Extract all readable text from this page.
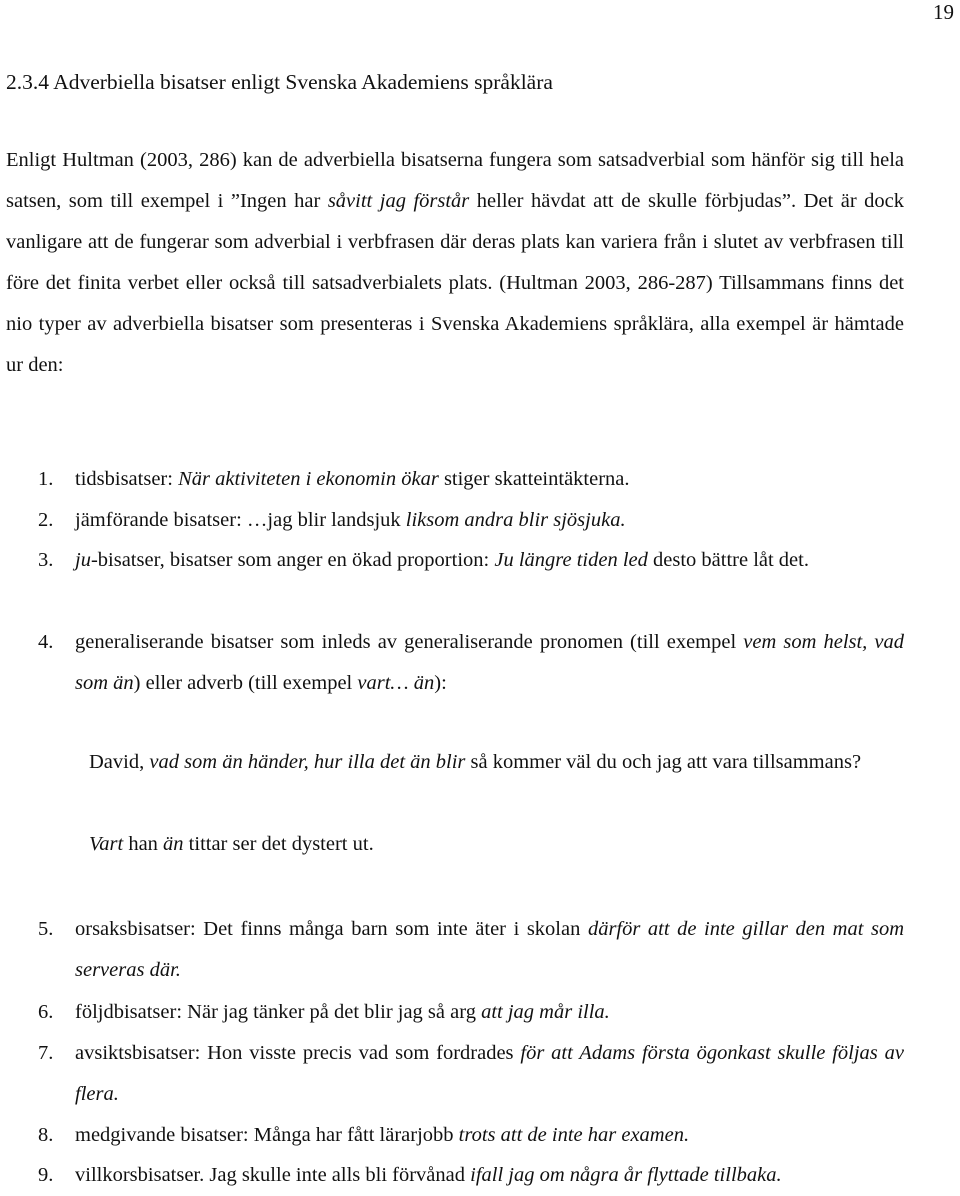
19
2.3.4 Adverbiella bisatser enligt Svenska Akademiens språklära

Enligt Hultman (2003, 286) kan de adverbiella bisatserna fungera som satsadverbial som hänför sig till hela satsen, som till exempel i ”Ingen har såvitt jag förstår heller hävdat att de skulle förbjudas”. Det är dock vanligare att de fungerar som adverbial i verbfrasen där deras plats kan variera från i slutet av verbfrasen till före det finita verbet eller också till satsadverbialets plats. (Hultman 2003, 286-287) Tillsammans finns det nio typer av adverbiella bisatser som presenteras i Svenska Akademiens språklära, alla exempel är hämtade ur den:

1.	tidsbisatser: När aktiviteten i ekonomin ökar stiger skatteintäkterna.

2.	jämförande bisatser: …jag blir landsjuk liksom andra blir sjösjuka.

3.	ju-bisatser, bisatser som anger en ökad proportion: Ju längre tiden led desto bättre låt det.

4.	generaliserande bisatser som inleds av generaliserande pronomen (till exempel vem som helst, vad som än) eller adverb (till exempel vart… än):

David, vad som än händer, hur illa det än blir så kommer väl du och jag att vara tillsammans?
Vart han än tittar ser det dystert ut.
5.	orsaksbisatser: Det finns många barn som inte äter i skolan därför att de inte gillar den mat som serveras där.

6.	följdbisatser: När jag tänker på det blir jag så arg att jag mår illa.

7.	avsiktsbisatser: Hon visste precis vad som fordrades för att Adams första ögonkast skulle följas av flera.

8.	medgivande bisatser: Många har fått lärarjobb trots att de inte har examen.

9.	villkorsbisatser. Jag skulle inte alls bli förvånad ifall jag om några år flyttade tillbaka.
